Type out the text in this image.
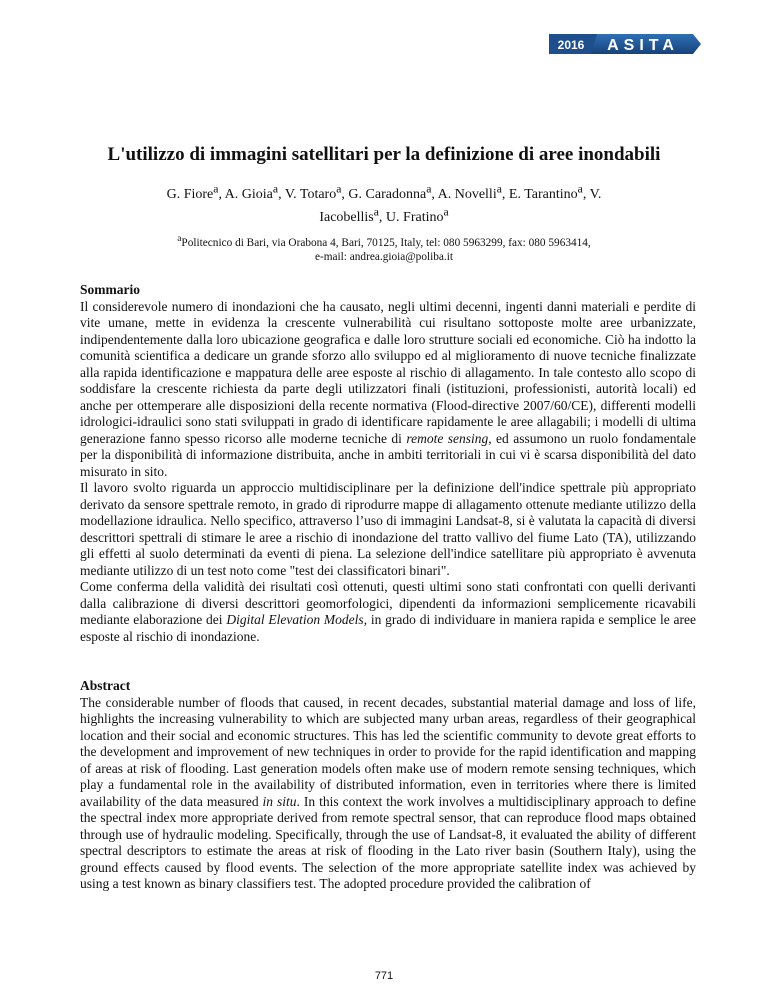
2016 ASITA
L'utilizzo di immagini satellitari per la definizione di aree inondabili
G. Fiore$^a$, A. Gioia$^a$, V. Totaro$^a$, G. Caradonna$^a$, A. Novelli$^a$, E. Tarantino$^a$, V. Iacobellis$^a$, U. Fratino$^a$
$^a$Politecnico di Bari, via Orabona 4, Bari, 70125, Italy, tel: 080 5963299, fax: 080 5963414,
e-mail: andrea.gioia@poliba.it

Sommario

Il considerevole numero di inondazioni che ha causato, negli ultimi decenni, ingenti danni materiali e perdite di vite umane, mette in evidenza la crescente vulnerabilità cui risultano sottoposte molte aree urbanizzate, indipendentemente dalla loro ubicazione geografica e dalle loro strutture sociali ed economiche. Ciò ha indotto la comunità scientifica a dedicare un grande sforzo allo sviluppo ed al miglioramento di nuove tecniche finalizzate alla rapida identificazione e mappatura delle aree esposte al rischio di allagamento. In tale contesto allo scopo di soddisfare la crescente richiesta da parte degli utilizzatori finali (istituzioni, professionisti, autorità locali) ed anche per ottemperare alle disposizioni della recente normativa (Flood-directive 2007/60/CE), differenti modelli idrologici-idraulici sono stati sviluppati in grado di identificare rapidamente le aree allagabili; i modelli di ultima generazione fanno spesso ricorso alle moderne tecniche di remote sensing, ed assumono un ruolo fondamentale per la disponibilità di informazione distribuita, anche in ambiti territoriali in cui vi è scarsa disponibilità del dato misurato in sito.

Il lavoro svolto riguarda un approccio multidisciplinare per la definizione dell'indice spettrale più appropriato derivato da sensore spettrale remoto, in grado di riprodurre mappe di allagamento ottenute mediante utilizzo della modellazione idraulica. Nello specifico, attraverso l’uso di immagini Landsat-8, si è valutata la capacità di diversi descrittori spettrali di stimare le aree a rischio di inondazione del tratto vallivo del fiume Lato (TA), utilizzando gli effetti al suolo determinati da eventi di piena. La selezione dell'indice satellitare più appropriato è avvenuta mediante utilizzo di un test noto come "test dei classificatori binari".

Come conferma della validità dei risultati così ottenuti, questi ultimi sono stati confrontati con quelli derivanti dalla calibrazione di diversi descrittori geomorfologici, dipendenti da informazioni semplicemente ricavabili mediante elaborazione dei Digital Elevation Models, in grado di individuare in maniera rapida e semplice le aree esposte al rischio di inondazione.

Abstract

The considerable number of floods that caused, in recent decades, substantial material damage and loss of life, highlights the increasing vulnerability to which are subjected many urban areas, regardless of their geographical location and their social and economic structures. This has led the scientific community to devote great efforts to the development and improvement of new techniques in order to provide for the rapid identification and mapping of areas at risk of flooding. Last generation models often make use of modern remote sensing techniques, which play a fundamental role in the availability of distributed information, even in territories where there is limited availability of the data measured in situ. In this context the work involves a multidisciplinary approach to define the spectral index more appropriate derived from remote spectral sensor, that can reproduce flood maps obtained through use of hydraulic modeling. Specifically, through the use of Landsat-8, it evaluated the ability of different spectral descriptors to estimate the areas at risk of flooding in the Lato river basin (Southern Italy), using the ground effects caused by flood events. The selection of the more appropriate satellite index was achieved by using a test known as binary classifiers test. The adopted procedure provided the calibration of

771
